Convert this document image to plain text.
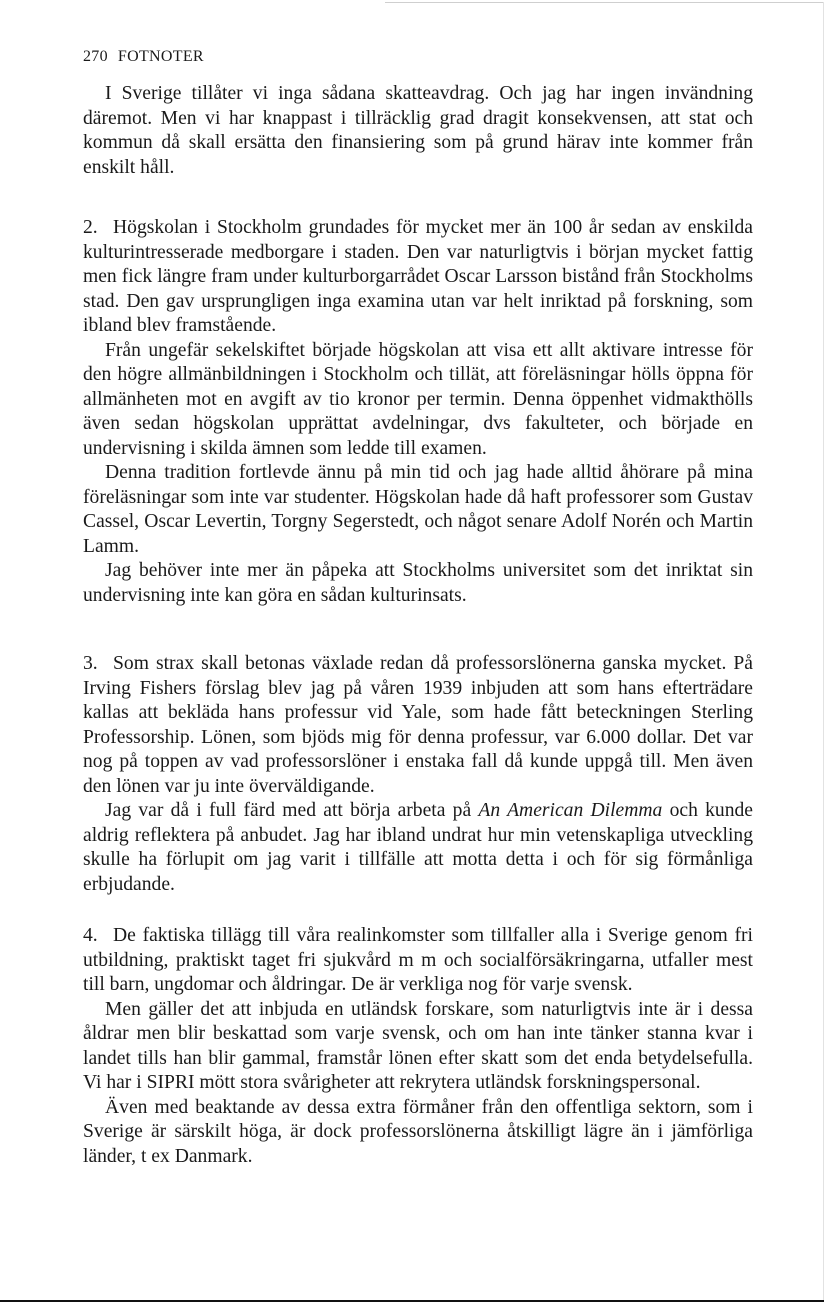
270 FOTNOTER

I Sverige tillåter vi inga sådana skatteavdrag. Och jag har ingen invändning däremot. Men vi har knappast i tillräcklig grad dragit konsekvensen, att stat och kommun då skall ersätta den finansiering som på grund härav inte kommer från enskilt håll.

2. Högskolan i Stockholm grundades för mycket mer än 100 år sedan av enskilda kulturintresserade medborgare i staden. Den var naturligtvis i början mycket fattig men fick längre fram under kulturborgarrådet Oscar Larsson bistånd från Stockholms stad. Den gav ursprungligen inga examina utan var helt inriktad på forskning, som ibland blev framstående.

Från ungefär sekelskiftet började högskolan att visa ett allt aktivare intresse för den högre allmänbildningen i Stockholm och tillät, att föreläsningar hölls öppna för allmänheten mot en avgift av tio kronor per termin. Denna öppenhet vidmakthölls även sedan högskolan upprättat avdelningar, dvs fakulteter, och började en undervisning i skilda ämnen som ledde till examen.

Denna tradition fortlevde ännu på min tid och jag hade alltid åhörare på mina föreläsningar som inte var studenter. Högskolan hade då haft professorer som Gustav Cassel, Oscar Levertin, Torgny Segerstedt, och något senare Adolf Norén och Martin Lamm.

Jag behöver inte mer än påpeka att Stockholms universitet som det inriktat sin undervisning inte kan göra en sådan kulturinsats.

3. Som strax skall betonas växlade redan då professorslönerna ganska mycket. På Irving Fishers förslag blev jag på våren 1939 inbjuden att som hans efterträdare kallas att bekläda hans professur vid Yale, som hade fått beteckningen Sterling Professorship. Lönen, som bjöds mig för denna professur, var 6.000 dollar. Det var nog på toppen av vad professorslöner i enstaka fall då kunde uppgå till. Men även den lönen var ju inte överväldigande.

Jag var då i full färd med att börja arbeta på An American Dilemma och kunde aldrig reflektera på anbudet. Jag har ibland undrat hur min vetenskapliga utveckling skulle ha förlupit om jag varit i tillfälle att motta detta i och för sig förmånliga erbjudande.

4. De faktiska tillägg till våra realinkomster som tillfaller alla i Sverige genom fri utbildning, praktiskt taget fri sjukvård m m och socialförsäkringarna, utfaller mest till barn, ungdomar och åldringar. De är verkliga nog för varje svensk.

Men gäller det att inbjuda en utländsk forskare, som naturligtvis inte är i dessa åldrar men blir beskattad som varje svensk, och om han inte tänker stanna kvar i landet tills han blir gammal, framstår lönen efter skatt som det enda betydelsefulla. Vi har i SIPRI mött stora svårigheter att rekrytera utländsk forskningspersonal.

Även med beaktande av dessa extra förmåner från den offentliga sektorn, som i Sverige är särskilt höga, är dock professorslönerna åtskilligt lägre än i jämförliga länder, t ex Danmark.
